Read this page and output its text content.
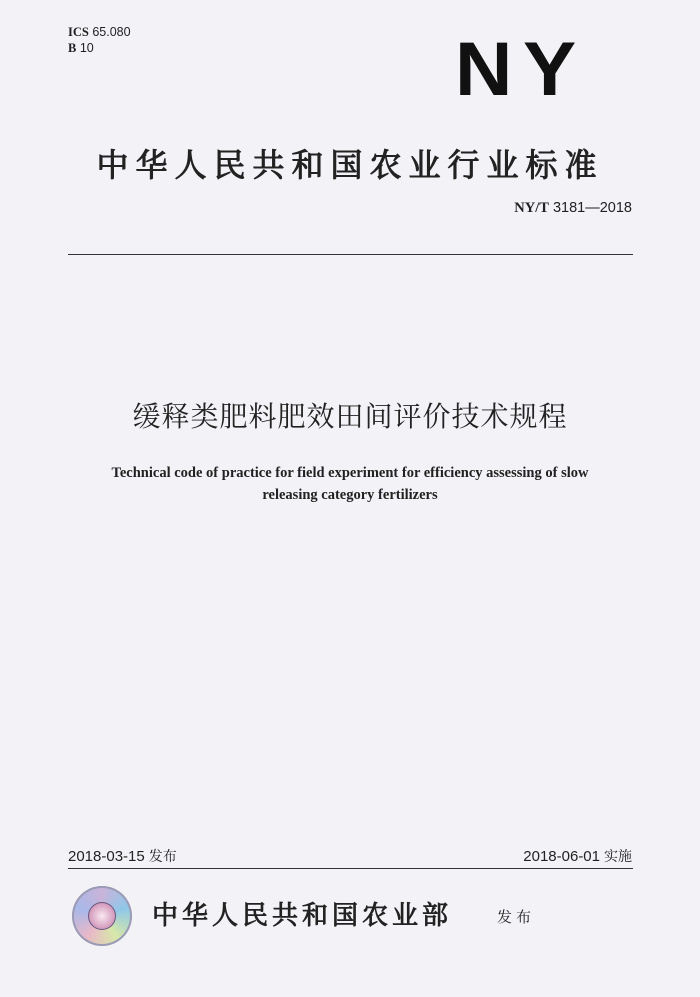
ICS 65.080
B 10	NY
中华人民共和国农业行业标准
NY/T 3181—2018
缓释类肥料肥效田间评价技术规程
Technical code of practice for field experiment for efficiency assessing of slow
releasing category fertilizers
2018-03-15 发布	2018-06-01 实施
中华人民共和国农业部	发布
